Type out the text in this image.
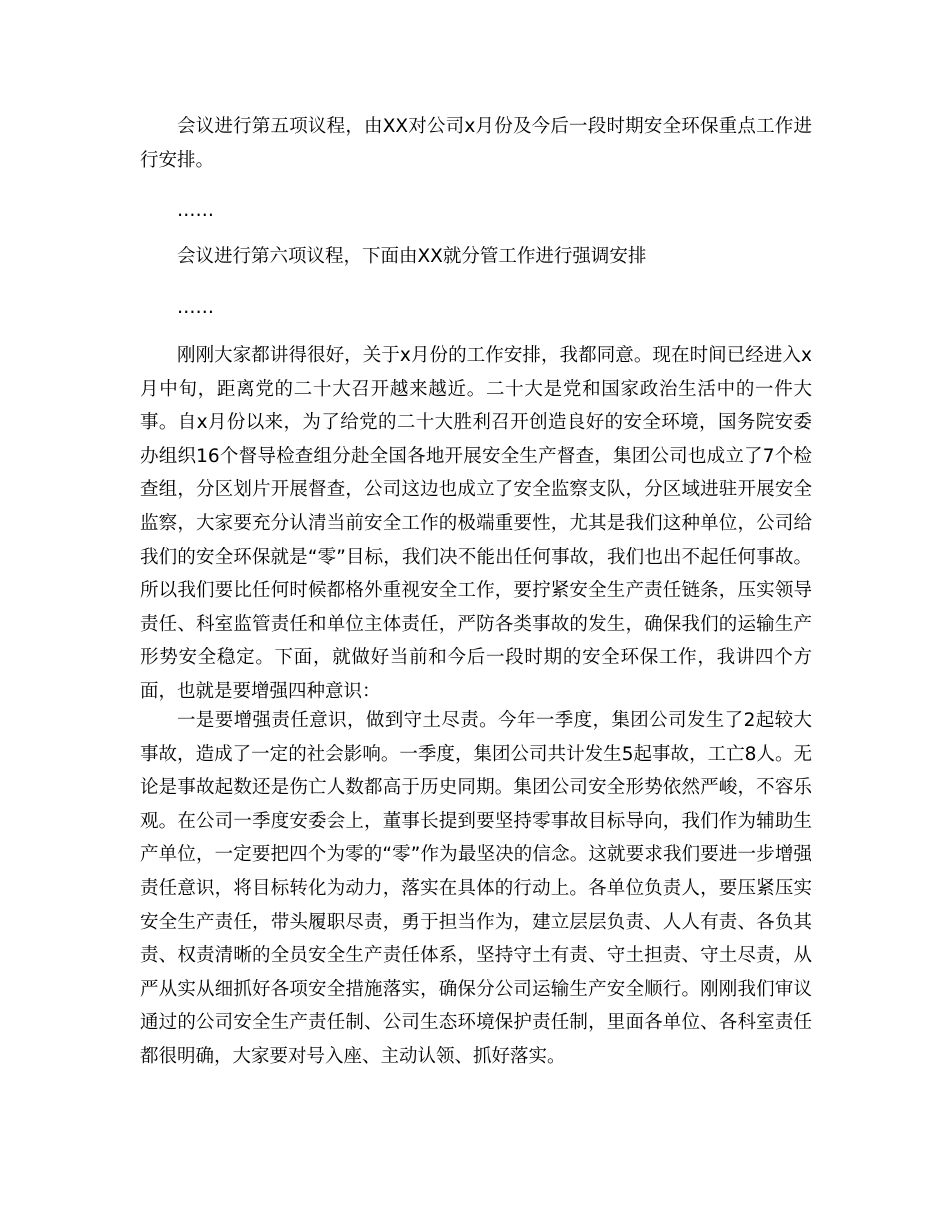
会议进行第五项议程，由XX对公司x月份及今后一段时期安全环保重点工作进行安排。

……

会议进行第六项议程，下面由XX就分管工作进行强调安排

……

刚刚大家都讲得很好，关于x月份的工作安排，我都同意。现在时间已经进入x月中旬，距离党的二十大召开越来越近。二十大是党和国家政治生活中的一件大事。自x月份以来，为了给党的二十大胜利召开创造良好的安全环境，国务院安委办组织16个督导检查组分赴全国各地开展安全生产督查，集团公司也成立了7个检查组，分区划片开展督查，公司这边也成立了安全监察支队，分区域进驻开展安全监察，大家要充分认清当前安全工作的极端重要性，尤其是我们这种单位，公司给我们的安全环保就是“零”目标，我们决不能出任何事故，我们也出不起任何事故。所以我们要比任何时候都格外重视安全工作，要拧紧安全生产责任链条，压实领导责任、科室监管责任和单位主体责任，严防各类事故的发生，确保我们的运输生产形势安全稳定。下面，就做好当前和今后一段时期的安全环保工作，我讲四个方面，也就是要增强四种意识：

一是要增强责任意识，做到守土尽责。今年一季度，集团公司发生了2起较大事故，造成了一定的社会影响。一季度，集团公司共计发生5起事故，工亡8人。无论是事故起数还是伤亡人数都高于历史同期。集团公司安全形势依然严峻，不容乐观。在公司一季度安委会上，董事长提到要坚持零事故目标导向，我们作为辅助生产单位，一定要把四个为零的“零”作为最坚决的信念。这就要求我们要进一步增强责任意识，将目标转化为动力，落实在具体的行动上。各单位负责人，要压紧压实安全生产责任，带头履职尽责，勇于担当作为，建立层层负责、人人有责、各负其责、权责清晰的全员安全生产责任体系，坚持守土有责、守土担责、守土尽责，从严从实从细抓好各项安全措施落实，确保分公司运输生产安全顺行。刚刚我们审议通过的公司安全生产责任制、公司生态环境保护责任制，里面各单位、各科室责任都很明确，大家要对号入座、主动认领、抓好落实。
